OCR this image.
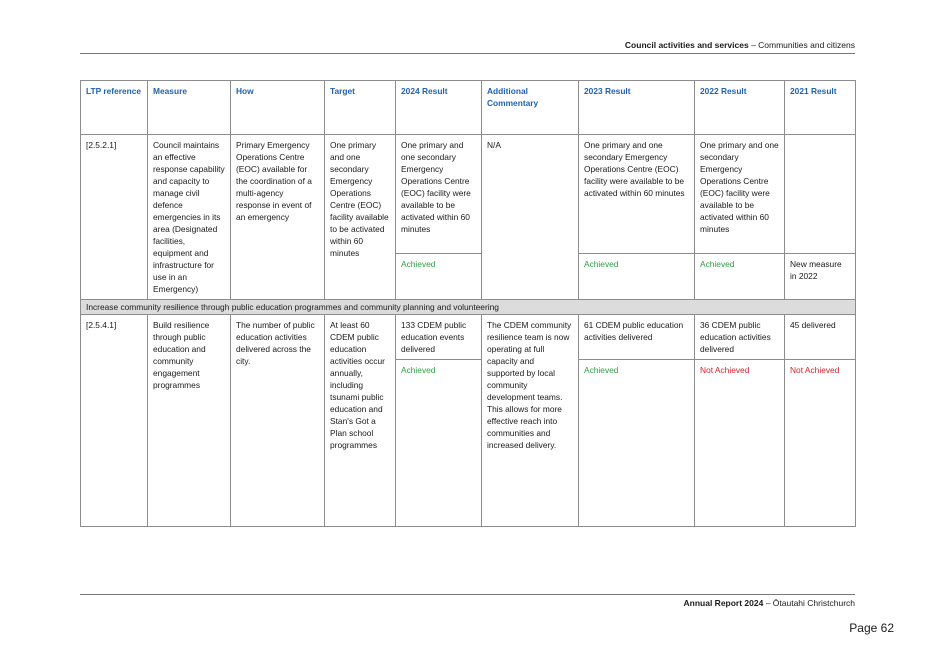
Council activities and services – Communities and citizens
LTP reference	Measure	How	Target	2024 Result	Additional Commentary	2023 Result	2022 Result	2021 Result
[2.5.2.1]	Council maintains an effective response capability and capacity to manage civil defence emergencies in its area (Designated facilities, equipment and infrastructure for use in an Emergency)	Primary Emergency Operations Centre (EOC) available for the coordination of a multi-agency response in event of an emergency	One primary and one secondary Emergency Operations Centre (EOC) facility available to be activated within 60 minutes	One primary and one secondary Emergency Operations Centre (EOC) facility were available to be activated within 60 minutes	N/A	One primary and one secondary Emergency Operations Centre (EOC) facility were available to be activated within 60 minutes	One primary and one secondary Emergency Operations Centre (EOC) facility were available to be activated within 60 minutes	
				Achieved		Achieved	Achieved	New measure in 2022
Increase community resilience through public education programmes and community planning and volunteering								
[2.5.4.1]	Build resilience through public education and community engagement programmes	The number of public education activities delivered across the city.	At least 60 CDEM public education activities occur annually, including tsunami public education and Stan's Got a Plan school programmes	133 CDEM public education events delivered	The CDEM community resilience team is now operating at full capacity and supported by local community development teams. This allows for more effective reach into communities and increased delivery.	61 CDEM public education activities delivered	36 CDEM public education activities delivered	45 delivered
				Achieved		Achieved	Not Achieved	Not Achieved
Annual Report 2024 – Ōtautahi Christchurch
Page 62
